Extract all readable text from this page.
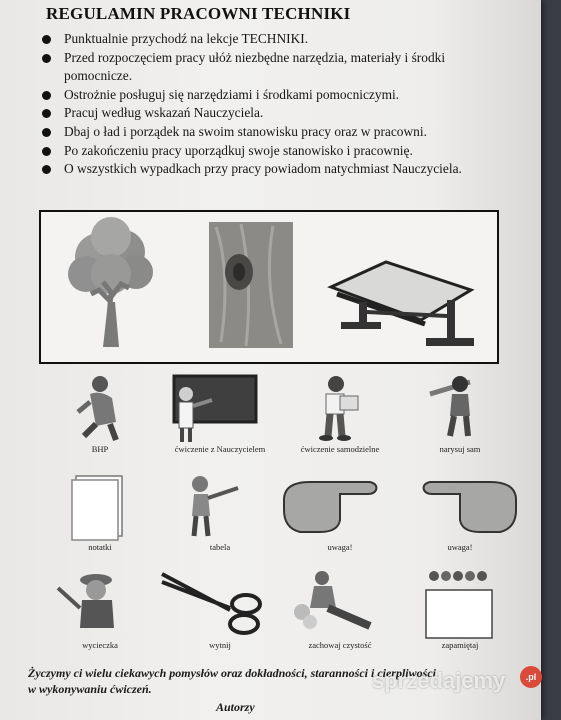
REGULAMIN PRACOWNI TECHNIKI
Punktualnie przychodź na lekcje TECHNIKI.
Przed rozpoczęciem pracy ułóż niezbędne narzędzia, materiały i środki pomocnicze.
Ostrożnie posługuj się narzędziami i środkami pomocniczymi.
Pracuj według wskazań Nauczyciela.
Dbaj o ład i porządek na swoim stanowisku pracy oraz w pracowni.
Po zakończeniu pracy uporządkuj swoje stanowisko i pracownię.
O wszystkich wypadkach przy pracy powiadom natychmiast Nauczyciela.
BHP	ćwiczenie z Nauczycielem	ćwiczenie samodzielne	narysuj sam
notatki	tabela	uwaga!	uwaga!
wycieczka	wytnij	zachowaj czystość	zapamiętaj
Życzymy ci wielu ciekawych pomysłów oraz dokładności, staranności i cierpliwości
w wykonywaniu ćwiczeń.
Autorzy
sprzedajemy	.pl
